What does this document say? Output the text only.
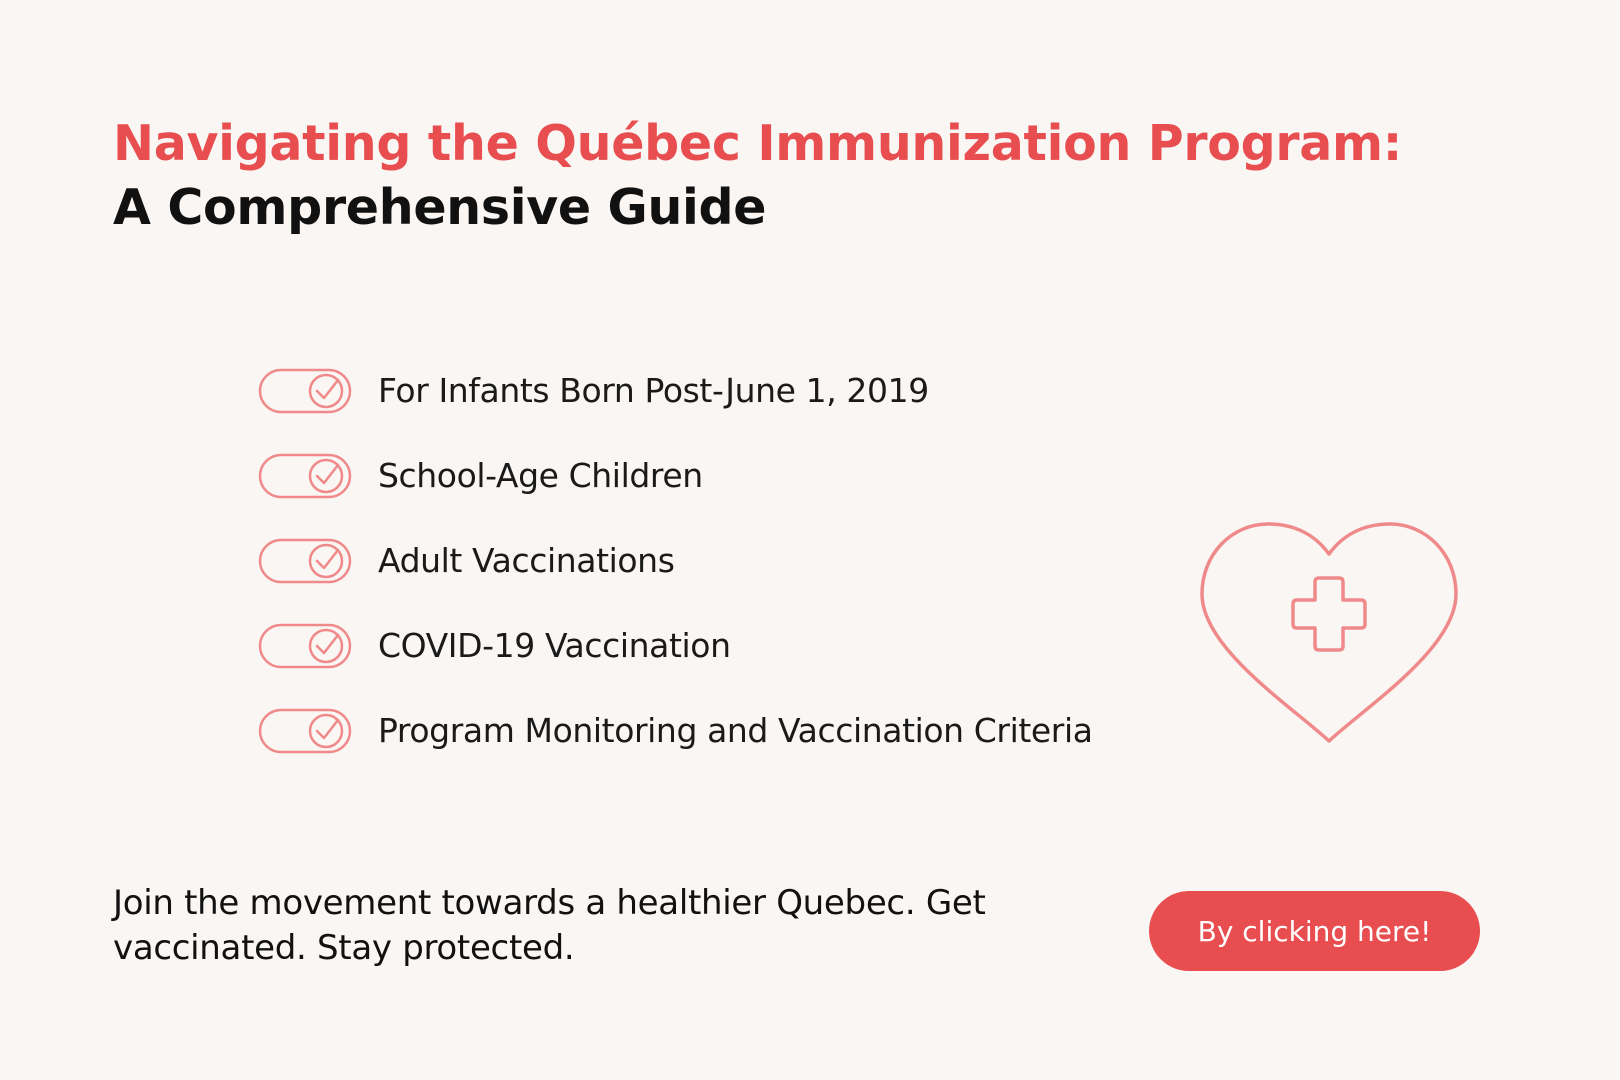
Navigating the Québec Immunization Program:
A Comprehensive Guide
For Infants Born Post-June 1, 2019
School-Age Children
Adult Vaccinations
COVID-19 Vaccination
Program Monitoring and Vaccination Criteria

Join the movement towards a healthier Quebec. Get vaccinated. Stay protected.	By clicking here!
